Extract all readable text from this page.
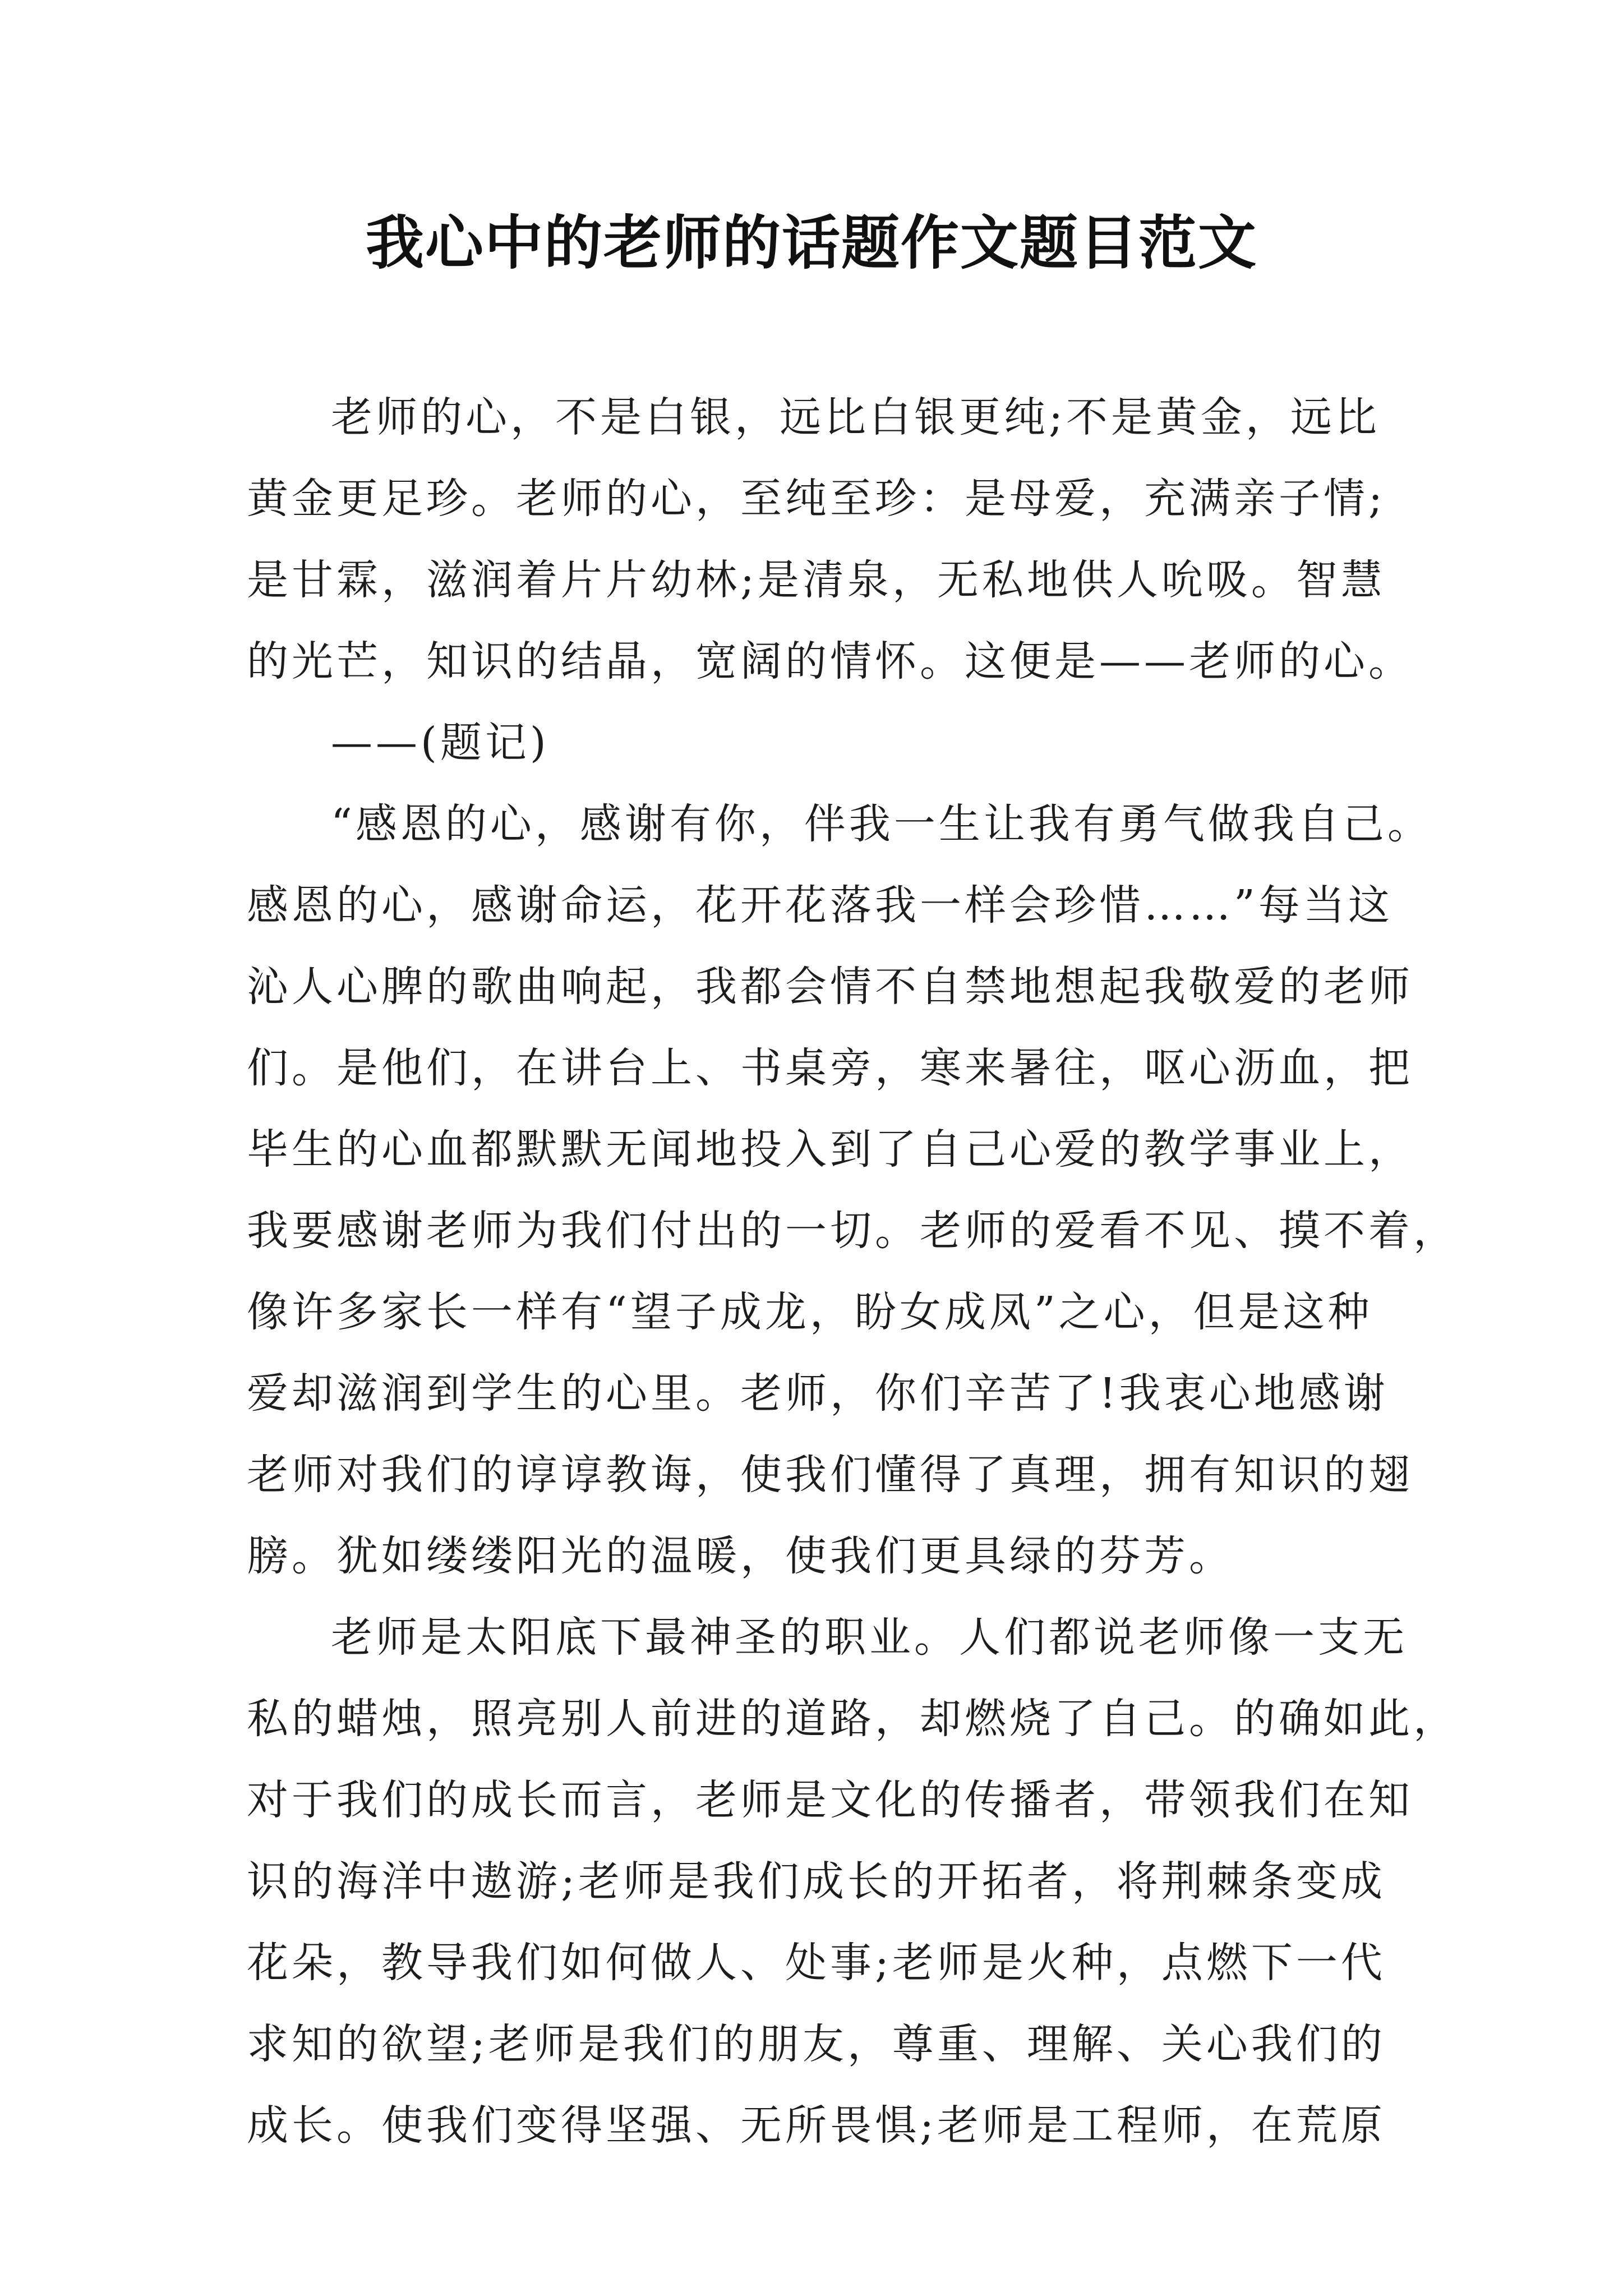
我心中的老师的话题作文题目范文
老师的心，不是白银，远比白银更纯;不是黄金，远比
黄金更足珍。老师的心，至纯至珍：是母爱，充满亲子情;
是甘霖，滋润着片片幼林;是清泉，无私地供人吮吸。智慧
的光芒，知识的结晶，宽阔的情怀。这便是——老师的心。
——(题记)
“感恩的心，感谢有你，伴我一生让我有勇气做我自己。
感恩的心，感谢命运，花开花落我一样会珍惜……”每当这
沁人心脾的歌曲响起，我都会情不自禁地想起我敬爱的老师
们。是他们，在讲台上、书桌旁，寒来暑往，呕心沥血，把
毕生的心血都默默无闻地投入到了自己心爱的教学事业上，
我要感谢老师为我们付出的一切。老师的爱看不见、摸不着，
像许多家长一样有“望子成龙，盼女成凤”之心，但是这种
爱却滋润到学生的心里。老师，你们辛苦了!我衷心地感谢
老师对我们的谆谆教诲，使我们懂得了真理，拥有知识的翅
膀。犹如缕缕阳光的温暖，使我们更具绿的芬芳。
老师是太阳底下最神圣的职业。人们都说老师像一支无
私的蜡烛，照亮别人前进的道路，却燃烧了自己。的确如此，
对于我们的成长而言，老师是文化的传播者，带领我们在知
识的海洋中遨游;老师是我们成长的开拓者，将荆棘条变成
花朵，教导我们如何做人、处事;老师是火种，点燃下一代
求知的欲望;老师是我们的朋友，尊重、理解、关心我们的
成长。使我们变得坚强、无所畏惧;老师是工程师，在荒原
